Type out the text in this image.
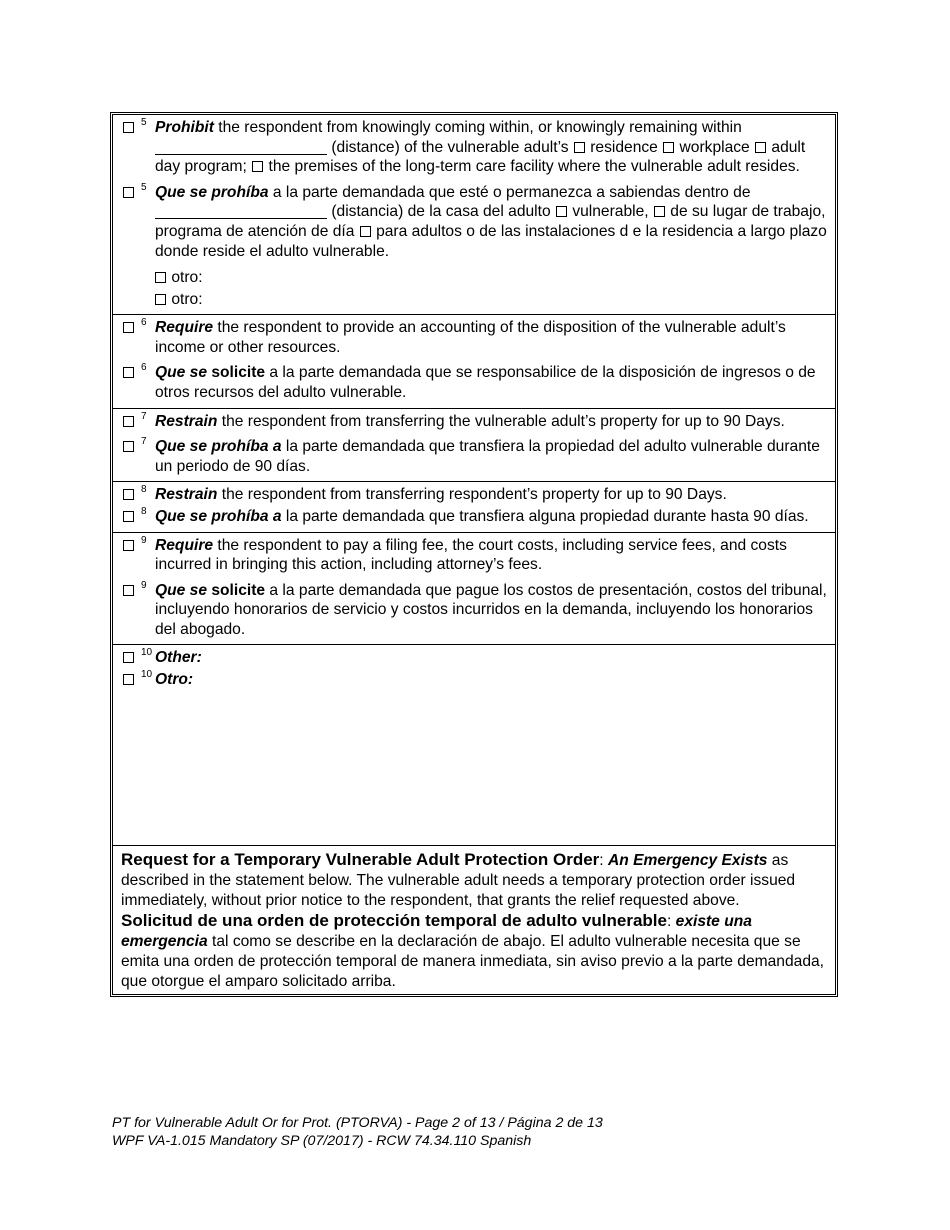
5 Prohibit the respondent from knowingly coming within, or knowingly remaining within  (distance) of the vulnerable adult’s  residence  workplace  adult day program;  the premises of the long-term care facility where the vulnerable adult resides.
5 Que se prohíba a la parte demandada que esté o permanezca a sabiendas dentro de  (distancia) de la casa del adulto  vulnerable,  de su lugar de trabajo, programa de atención de día  para adultos o de las instalaciones d e la residencia a largo plazo donde reside el adulto vulnerable.
otro:
otro:
6 Require the respondent to provide an accounting of the disposition of the vulnerable adult’s income or other resources.
6 Que se solicite a la parte demandada que se responsabilice de la disposición de ingresos o de otros recursos del adulto vulnerable.
7 Restrain the respondent from transferring the vulnerable adult’s property for up to 90 Days.
7 Que se prohíba a la parte demandada que transfiera la propiedad del adulto vulnerable durante un periodo de 90 días.
8 Restrain the respondent from transferring respondent’s property for up to 90 Days.
8 Que se prohíba a la parte demandada que transfiera alguna propiedad durante hasta 90 días.
9 Require the respondent to pay a filing fee, the court costs, including service fees, and costs incurred in bringing this action, including attorney’s fees.
9 Que se solicite a la parte demandada que pague los costos de presentación, costos del tribunal, incluyendo honorarios de servicio y costos incurridos en la demanda, incluyendo los honorarios del abogado.
10 Other:
10 Otro:
Request for a Temporary Vulnerable Adult Protection Order: An Emergency Exists as described in the statement below. The vulnerable adult needs a temporary protection order issued immediately, without prior notice to the respondent, that grants the relief requested above.
Solicitud de una orden de protección temporal de adulto vulnerable: existe una emergencia tal como se describe en la declaración de abajo. El adulto vulnerable necesita que se emita una orden de protección temporal de manera inmediata, sin aviso previo a la parte demandada, que otorgue el amparo solicitado arriba.
PT for Vulnerable Adult Or for Prot. (PTORVA) - Page 2 of 13 / Página 2 de 13
WPF VA-1.015 Mandatory SP (07/2017) - RCW 74.34.110 Spanish
